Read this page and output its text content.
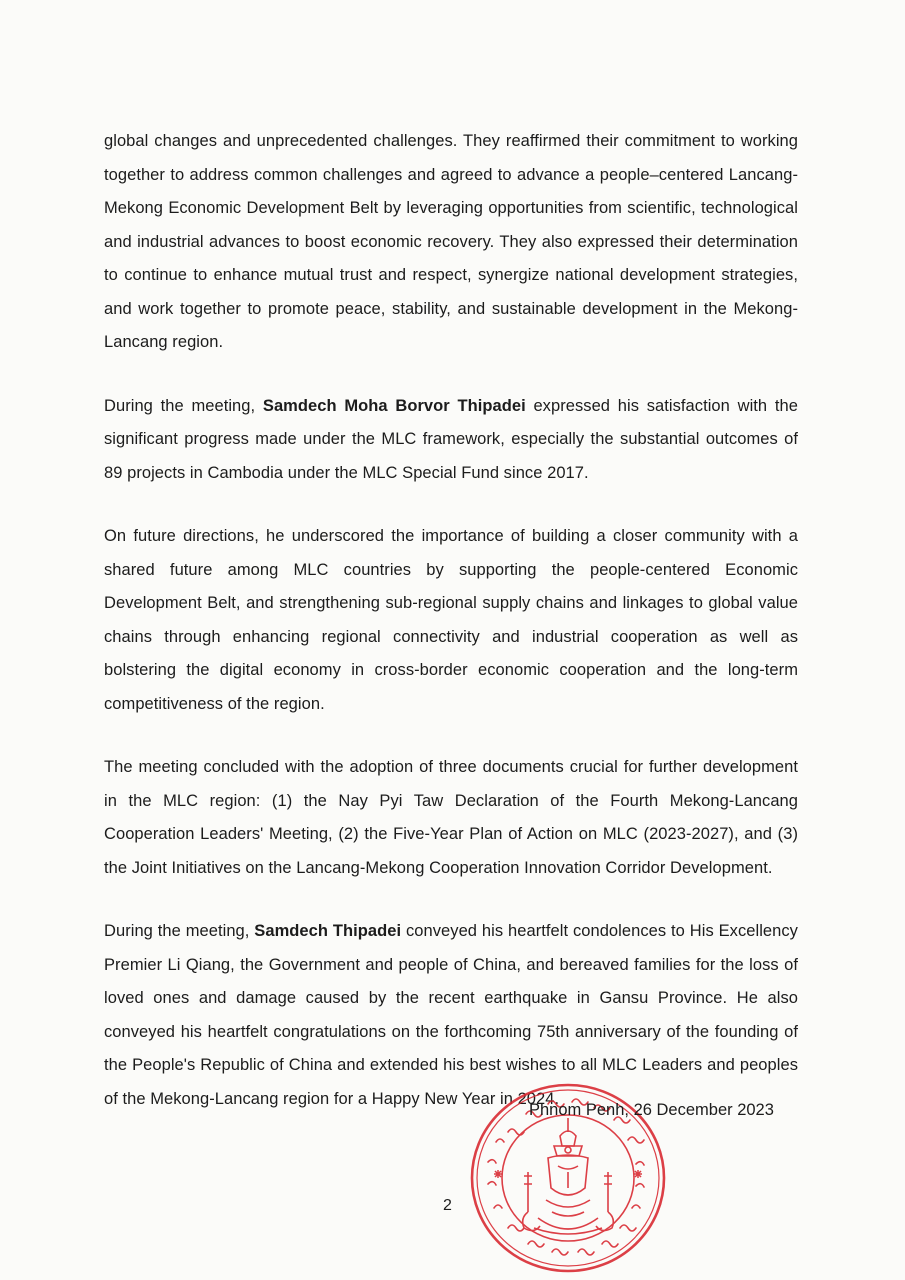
global changes and unprecedented challenges. They reaffirmed their commitment to working together to address common challenges and agreed to advance a people–centered Lancang-Mekong Economic Development Belt by leveraging opportunities from scientific, technological and industrial advances to boost economic recovery. They also expressed their determination to continue to enhance mutual trust and respect, synergize national development strategies, and work together to promote peace, stability, and sustainable development in the Mekong-Lancang region.

During the meeting, Samdech Moha Borvor Thipadei expressed his satisfaction with the significant progress made under the MLC framework, especially the substantial outcomes of 89 projects in Cambodia under the MLC Special Fund since 2017.

On future directions, he underscored the importance of building a closer community with a shared future among MLC countries by supporting the people-centered Economic Development Belt, and strengthening sub-regional supply chains and linkages to global value chains through enhancing regional connectivity and industrial cooperation as well as bolstering the digital economy in cross-border economic cooperation and the long-term competitiveness of the region.

The meeting concluded with the adoption of three documents crucial for further development in the MLC region: (1) the Nay Pyi Taw Declaration of the Fourth Mekong-Lancang Cooperation Leaders' Meeting, (2) the Five-Year Plan of Action on MLC (2023-2027), and (3) the Joint Initiatives on the Lancang-Mekong Cooperation Innovation Corridor Development.

During the meeting, Samdech Thipadei conveyed his heartfelt condolences to His Excellency Premier Li Qiang, the Government and people of China, and bereaved families for the loss of loved ones and damage caused by the recent earthquake in Gansu Province. He also conveyed his heartfelt congratulations on the forthcoming 75th anniversary of the founding of the People's Republic of China and extended his best wishes to all MLC Leaders and peoples of the Mekong-Lancang region for a Happy New Year in 2024.

Phnom Penh, 26 December 2023
2
